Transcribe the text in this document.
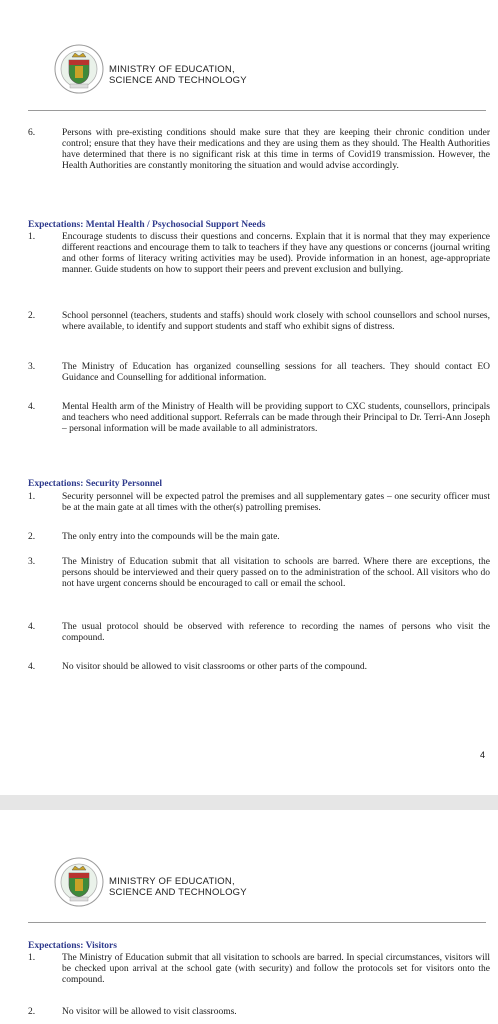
MINISTRY OF EDUCATION,
SCIENCE AND TECHNOLOGY
6.	Persons with pre-existing conditions should make sure that they are keeping their chronic condition under control; ensure that they have their medications and they are using them as they should. The Health Authorities have determined that there is no significant risk at this time in terms of Covid19 transmission. However, the Health Authorities are constantly monitoring the situation and would advise accordingly.
Expectations: Mental Health / Psychosocial Support Needs
1.	Encourage students to discuss their questions and concerns. Explain that it is normal that they may experience different reactions and encourage them to talk to teachers if they have any questions or concerns (journal writing and other forms of literacy writing activities may be used). Provide information in an honest, age-appropriate manner. Guide students on how to support their peers and prevent exclusion and bullying.
2.	School personnel (teachers, students and staffs) should work closely with school counsellors and school nurses, where available, to identify and support students and staff who exhibit signs of distress.
3.	The Ministry of Education has organized counselling sessions for all teachers. They should contact EO Guidance and Counselling for additional information.
4.	Mental Health arm of the Ministry of Health will be providing support to CXC students, counsellors, principals and teachers who need additional support. Referrals can be made through their Principal to Dr. Terri-Ann Joseph – personal information will be made available to all administrators.
Expectations: Security Personnel
1.	Security personnel will be expected patrol the premises and all supplementary gates – one security officer must be at the main gate at all times with the other(s) patrolling premises.
2.	The only entry into the compounds will be the main gate.
3.	The Ministry of Education submit that all visitation to schools are barred. Where there are exceptions, the persons should be interviewed and their query passed on to the administration of the school. All visitors who do not have urgent concerns should be encouraged to call or email the school.
4.	The usual protocol should be observed with reference to recording the names of persons who visit the compound.
4.	No visitor should be allowed to visit classrooms or other parts of the compound.
4
MINISTRY OF EDUCATION,
SCIENCE AND TECHNOLOGY
Expectations: Visitors
1.	The Ministry of Education submit that all visitation to schools are barred. In special circumstances, visitors will be checked upon arrival at the school gate (with security) and follow the protocols set for visitors onto the compound.
2.	No visitor will be allowed to visit classrooms.
